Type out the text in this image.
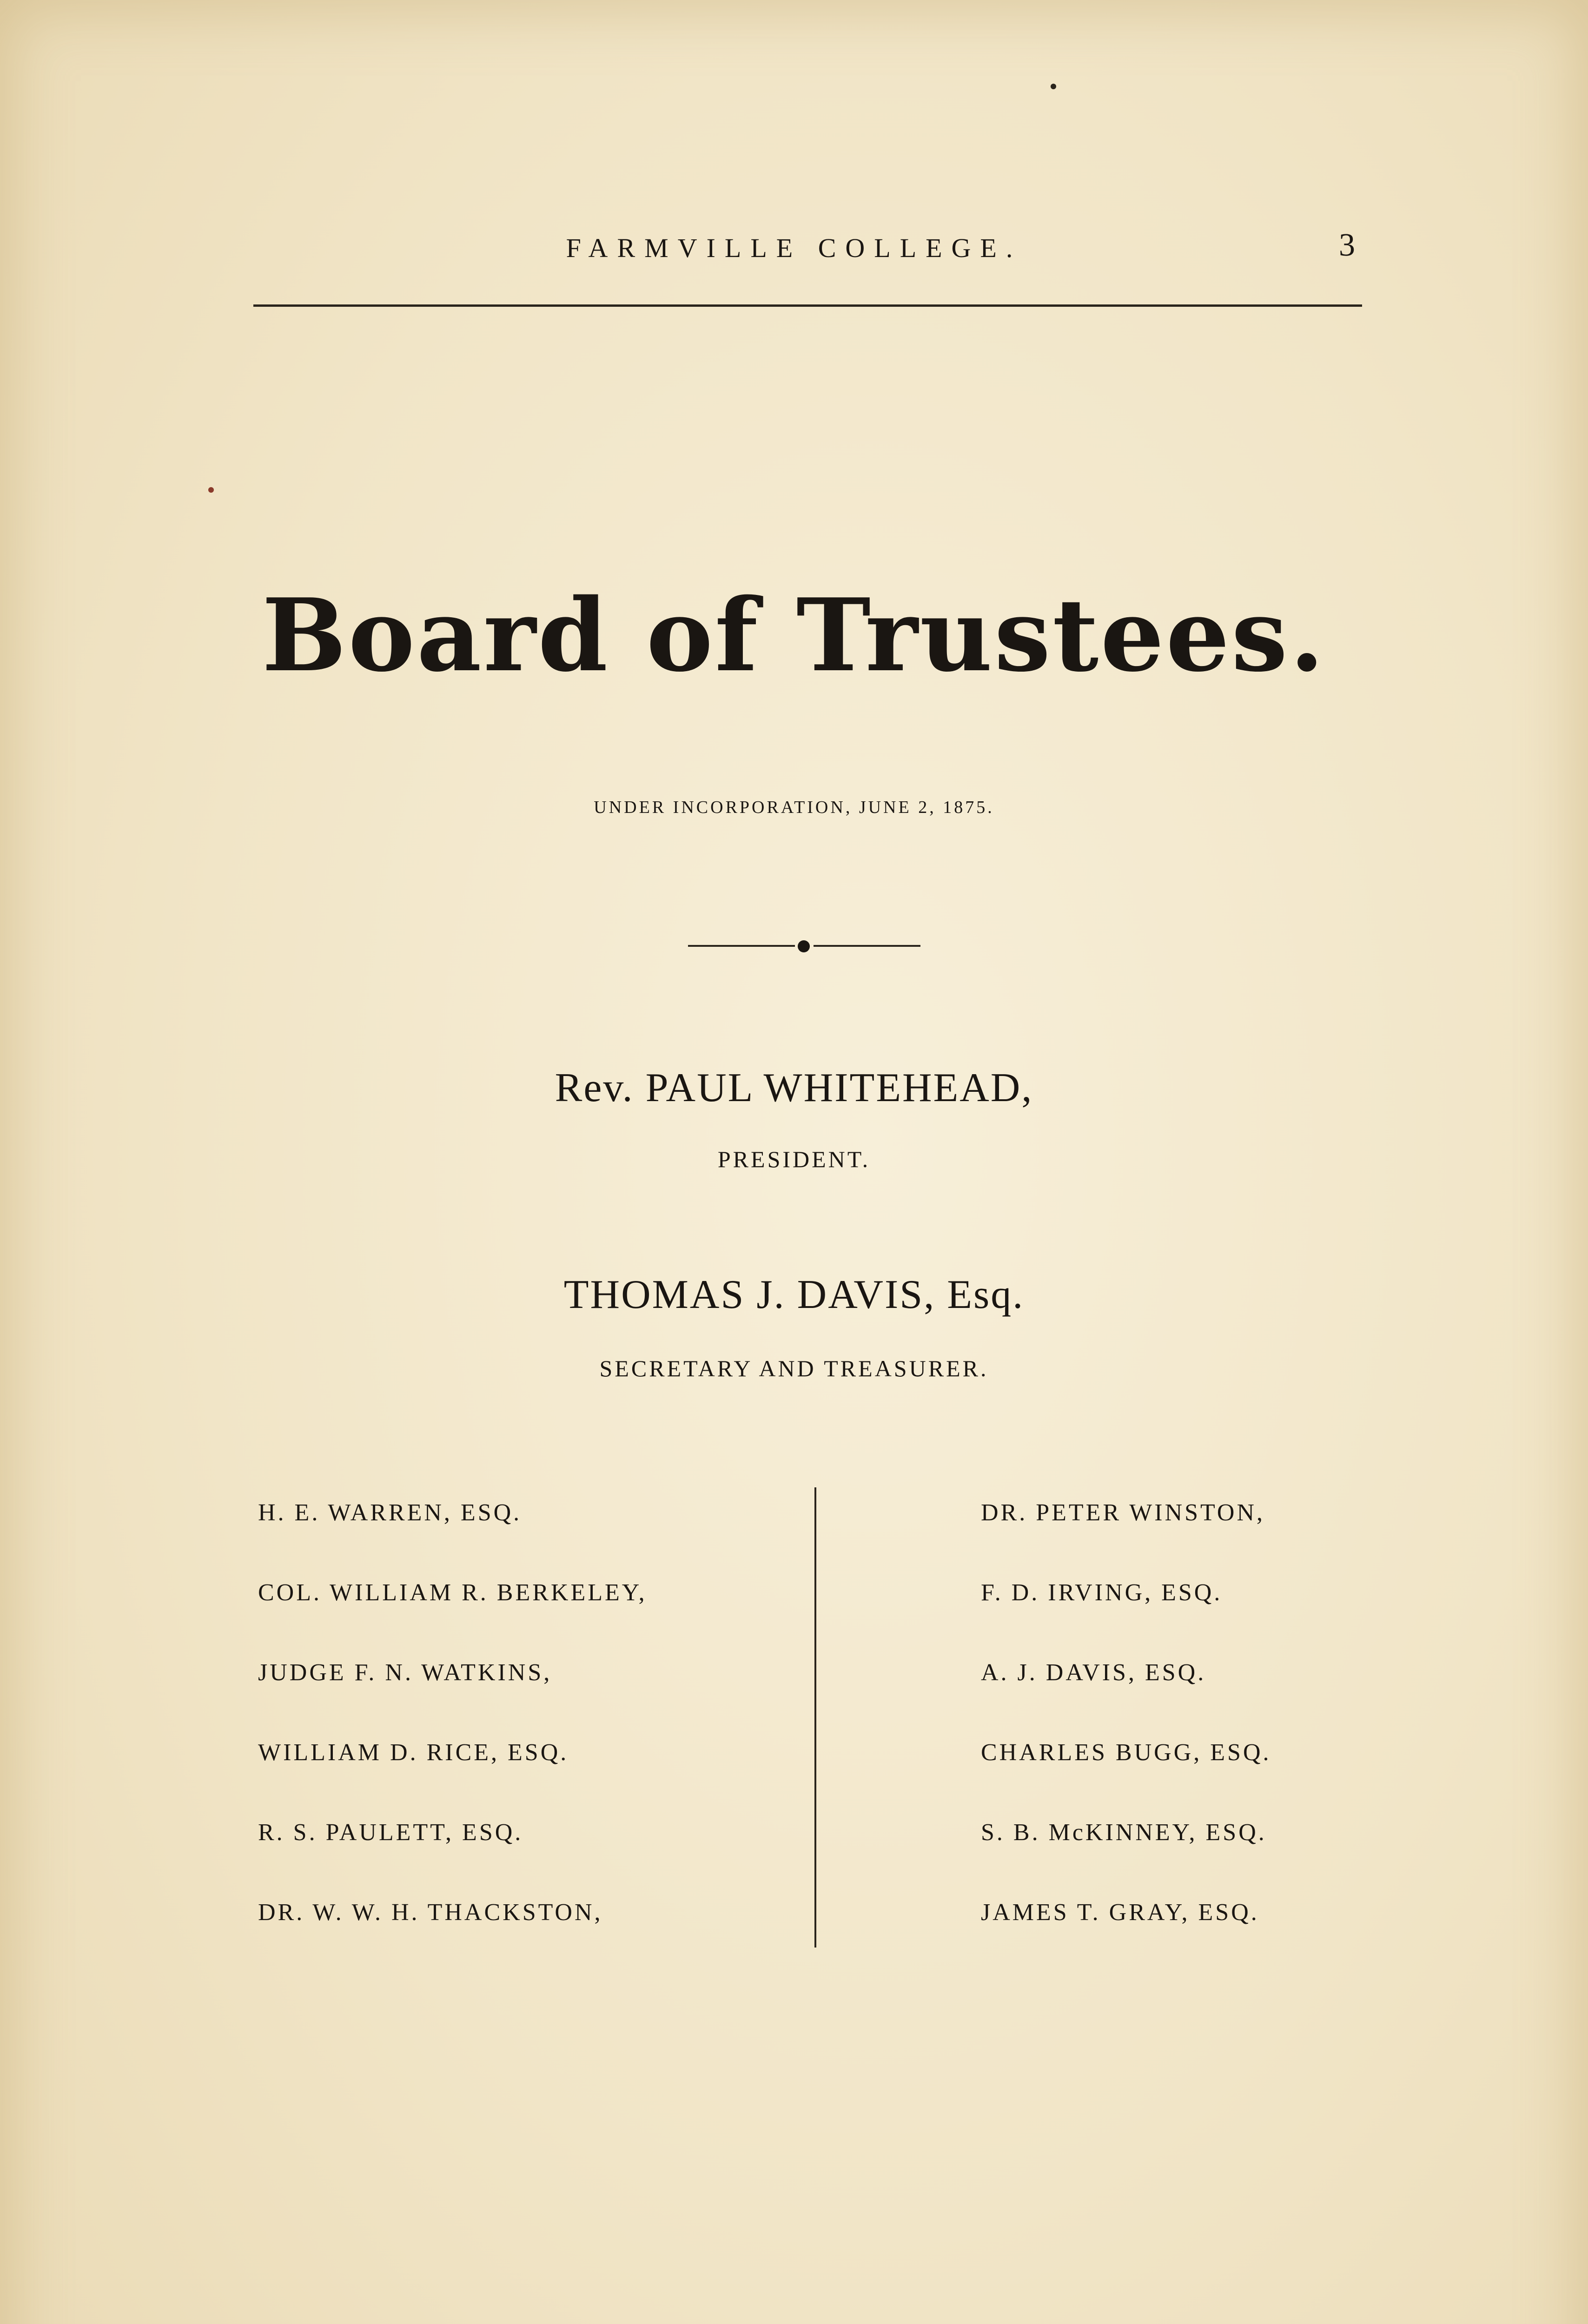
FARMVILLE COLLEGE.	3
Board of Trustees.
UNDER INCORPORATION, JUNE 2, 1875.
Rev. PAUL WHITEHEAD,
PRESIDENT.
THOMAS J. DAVIS, Esq.
SECRETARY AND TREASURER.
H. E. WARREN, ESQ.
COL. WILLIAM R. BERKELEY,
JUDGE F. N. WATKINS,
WILLIAM D. RICE, ESQ.
R. S. PAULETT, ESQ.
DR. W. W. H. THACKSTON,
DR. PETER WINSTON,
F. D. IRVING, ESQ.
A. J. DAVIS, ESQ.
CHARLES BUGG, ESQ.
S. B. McKINNEY, ESQ.
JAMES T. GRAY, ESQ.
